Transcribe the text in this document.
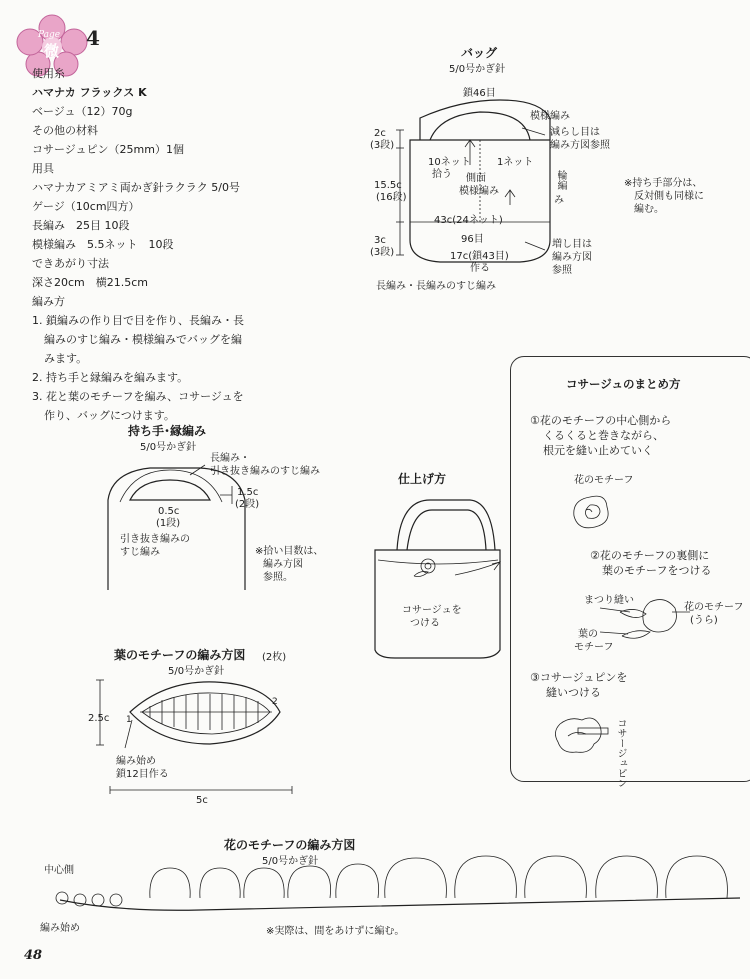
Page
微
4
使用糸
ハマナカ フラックス K
ベージュ（12）70g
その他の材料
コサージュピン（25mm）1個
用具
ハマナカアミアミ両かぎ針ラクラク 5/0号
ゲージ（10cm四方）
長編み　25目 10段
模様編み　5.5ネット　10段
できあがり寸法
深さ20cm　横21.5cm
編み方
1. 鎖編みの作り目で目を作り、長編み・長
編みのすじ編み・模様編みでバッグを編
みます。
2. 持ち手と縁編みを編みます。
3. 花と葉のモチーフを編み、コサージュを
作り、バッグにつけます。
バッグ
5/0号かぎ針
鎖46目
模様編み
減らし目は
編み方図参照
2c
(3段)
10ネット
拾う
1ネット
側面
模様編み
輪編
み
15.5c
(16段)
43c(24ネット)
96目
3c
(3段)
増し目は
編み方図
参照
17c(鎖43目)
作る
長編み・長編みのすじ編み
※持ち手部分は、
反対側も同様に
編む。
持ち手･縁編み
5/0号かぎ針
長編み・
引き抜き編みのすじ編み
1.5c
(2段)
0.5c
(1段)
引き抜き編みの
すじ編み	※拾い目数は、
編み方図
参照。
仕上げ方
コサージュを
つける
コサージュのまとめ方
①花のモチーフの中心側から
くるくると巻きながら、
根元を縫い止めていく
花のモチーフ
②花のモチーフの裏側に
葉のモチーフをつける
まつり縫い
花のモチーフ
(うら)
葉の
モチーフ
③コサージュピンを
縫いつける
コサージュピン
葉のモチーフの編み方図 (2枚)
5/0号かぎ針
2.5c 1
2
編み始め
鎖12目作る
5c
花のモチーフの編み方図
5/0号かぎ針
中心側
編み始め	※実際は、間をあけずに編む。
48
